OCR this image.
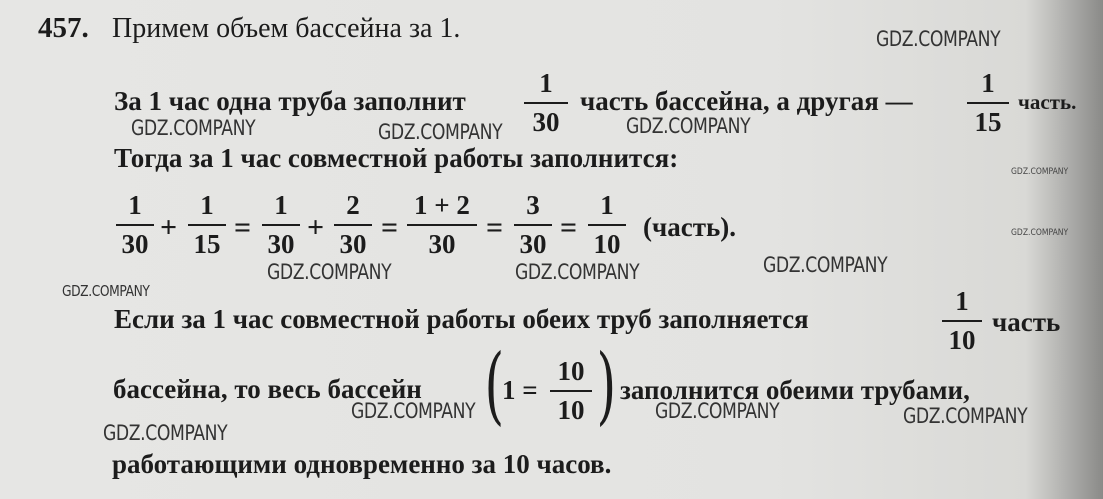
457. Примем объем бассейна за 1.
За 1 час одна труба заполнит
1
30
часть бассейна, а другая —
1
15
часть.
Тогда за 1 час совместной работы заполнится:
1
30 +
1
15 =
1
30 +
2
30 =
1 + 2
30 =
3
30 =
1
10
(часть).
Если за 1 час совместной работы обеих труб заполняется
1
10
часть
бассейна, то весь бассейн (
1 =
10
10 ) заполнится обеими трубами,
работающими одновременно за 10 часов.
GDZ.COMPANY
GDZ.COMPANY	GDZ.COMPANY	GDZ.COMPANY
GDZ.COMPANY
GDZ.COMPANY
GDZ.COMPANY	GDZ.COMPANY	GDZ.COMPANY
GDZ.COMPANY
GDZ.COMPANY	GDZ.COMPANY	GDZ.COMPANY
GDZ.COMPANY
